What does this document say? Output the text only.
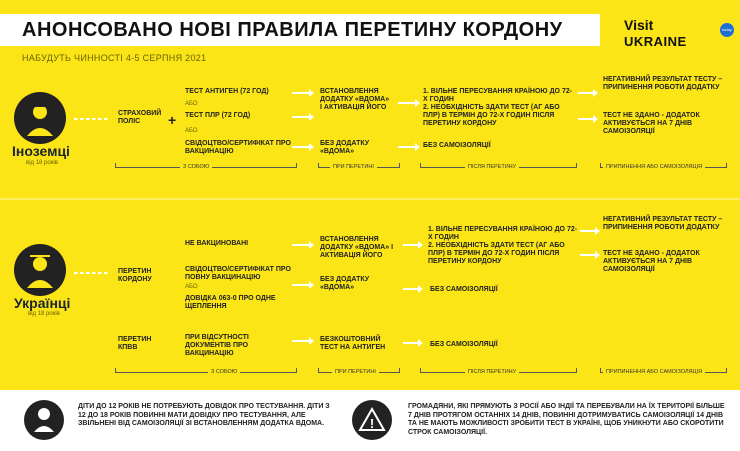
АНОНСОВАНО НОВІ ПРАВИЛА ПЕРЕТИНУ КОРДОНУ
НАБУДУТЬ ЧИННОСТІ 4-5 СЕРПНЯ 2021
Visit
UKRAINE
today
Іноземці
від 18 років
СТРАХОВИЙ ПОЛІС	+
ТЕСТ АНТИГЕН (72 ГОД)
АБО
ТЕСТ ПЛР (72 ГОД)
АБО
СВІДОЦТВО/СЕРТИФІКАТ ПРО ВАКЦИНАЦІЮ
ВСТАНОВЛЕННЯ ДОДАТКУ «ВДОМА» І АКТИВАЦІЯ ЙОГО
БЕЗ ДОДАТКУ «ВДОМА»
1. ВІЛЬНЕ ПЕРЕСУВАННЯ КРАЇНОЮ ДО 72-Х ГОДИН
2. НЕОБХІДНІСТЬ ЗДАТИ ТЕСТ (АГ АБО ПЛР) В ТЕРМІН ДО 72-Х ГОДИН ПІСЛЯ ПЕРЕТИНУ КОРДОНУ
БЕЗ САМОІЗОЛЯЦІЇ
НЕГАТИВНИЙ РЕЗУЛЬТАТ ТЕСТУ – ПРИПИНЕННЯ РОБОТИ ДОДАТКУ
ТЕСТ НЕ ЗДАНО - ДОДАТОК АКТИВУЄТЬСЯ НА 7 ДНІВ САМОІЗОЛЯЦІЇ
З СОБОЮ	ПРИ ПЕРЕТИНІ	ПІСЛЯ ПЕРЕТИНУ	ПРИПИНЕННЯ АБО САМОІЗОЛЯЦІЯ
Українці
від 18 років
ПЕРЕТИН КОРДОНУ
ПЕРЕТИН КПВВ
НЕ ВАКЦИНОВАНІ
СВІДОЦТВО/СЕРТИФІКАТ ПРО ПОВНУ ВАКЦИНАЦІЮ
АБО
ДОВІДКА 063-0 ПРО ОДНЕ ЩЕПЛЕННЯ
ПРИ ВІДСУТНОСТІ ДОКУМЕНТІВ ПРО ВАКЦИНАЦІЮ
ВСТАНОВЛЕННЯ ДОДАТКУ «ВДОМА» І АКТИВАЦІЯ ЙОГО
БЕЗ ДОДАТКУ «ВДОМА»
БЕЗКОШТОВНИЙ ТЕСТ НА АНТИГЕН
1. ВІЛЬНЕ ПЕРЕСУВАННЯ КРАЇНОЮ ДО 72-Х ГОДИН
2. НЕОБХІДНІСТЬ ЗДАТИ ТЕСТ (АГ АБО ПЛР) В ТЕРМІН ДО 72-Х ГОДИН ПІСЛЯ ПЕРЕТИНУ КОРДОНУ
БЕЗ САМОІЗОЛЯЦІЇ
БЕЗ САМОІЗОЛЯЦІЇ
НЕГАТИВНИЙ РЕЗУЛЬТАТ ТЕСТУ – ПРИПИНЕННЯ РОБОТИ ДОДАТКУ
ТЕСТ НЕ ЗДАНО - ДОДАТОК АКТИВУЄТЬСЯ НА 7 ДНІВ САМОІЗОЛЯЦІЇ
З СОБОЮ	ПРИ ПЕРЕТИНІ	ПІСЛЯ ПЕРЕТИНУ	ПРИПИНЕННЯ АБО САМОІЗОЛЯЦІЯ
ДІТИ ДО 12 РОКІВ НЕ ПОТРЕБУЮТЬ ДОВІДОК ПРО ТЕСТУВАННЯ. ДІТИ З 12 ДО 18 РОКІВ ПОВИННІ МАТИ ДОВІДКУ ПРО ТЕСТУВАННЯ, АЛЕ ЗВІЛЬНЕНІ ВІД САМОІЗОЛЯЦІЇ ЗІ ВСТАНОВЛЕННЯМ ДОДАТКА ВДОМА.	!
ГРОМАДЯНИ, ЯКІ ПРЯМУЮТЬ З РОСІЇ АБО ІНДІЇ ТА ПЕРЕБУВАЛИ НА ЇХ ТЕРИТОРІЇ БІЛЬШЕ 7 ДНІВ ПРОТЯГОМ ОСТАННІХ 14 ДНІВ, ПОВИННІ ДОТРИМУВАТИСЬ САМОІЗОЛЯЦІЇ 14 ДНІВ ТА НЕ МАЮТЬ МОЖЛИВОСТІ ЗРОБИТИ ТЕСТ В УКРАЇНІ, ЩОБ УНИКНУТИ АБО СКОРОТИТИ СТРОК САМОІЗОЛЯЦІЇ.
